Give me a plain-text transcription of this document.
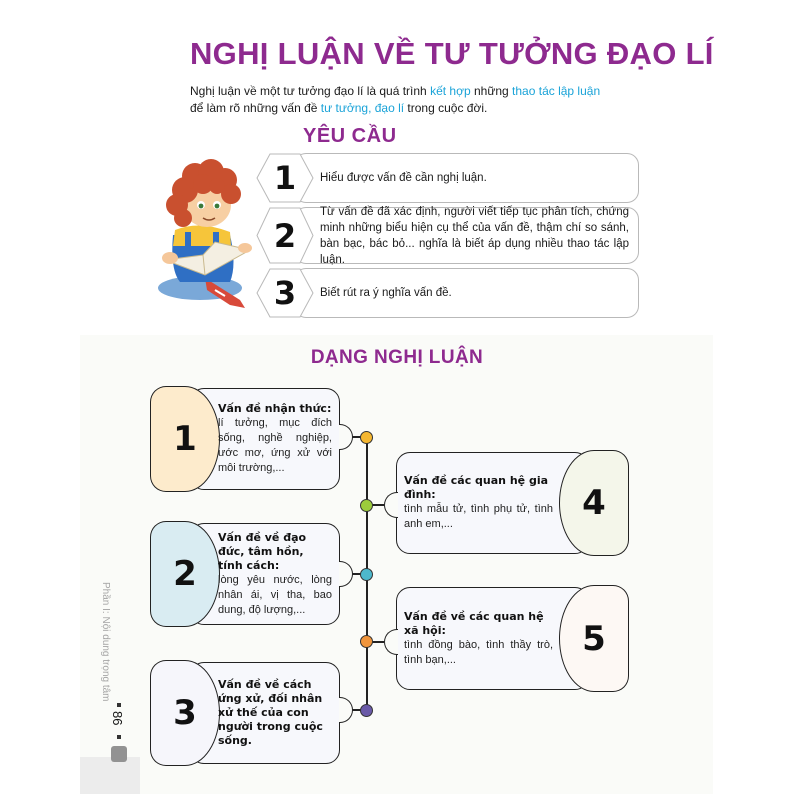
NGHỊ LUẬN VỀ TƯ TƯỞNG ĐẠO LÍ
Nghị luận về một tư tưởng đạo lí là quá trình kết hợp những thao tác lập luận
để làm rõ những vấn đề tư tưởng, đạo lí trong cuộc đời.
YÊU CẦU
1	Hiểu được vấn đề cần nghị luận.
2
Từ vấn đề đã xác định, người viết tiếp tục phân tích, chứng minh những biểu hiện cụ thể của vấn đề, thậm chí so sánh, bàn bạc, bác bỏ... nghĩa là biết áp dụng nhiều thao tác lập luận.
3	Biết rút ra ý nghĩa vấn đề.
DẠNG NGHỊ LUẬN
Phần I: Nội dung trọng tâm
86
1
Vấn đề nhận thức:
lí tưởng, mục đích sống, nghề nghiệp, ước mơ, ứng xử với môi trường,...
2
Vấn đề về đạo đức, tâm hồn, tính cách:
lòng yêu nước, lòng nhân ái, vị tha, bao dung, độ lượng,...
3
Vấn đề về cách ứng xử, đối nhân xử thế của con người trong cuộc sống.
4
Vấn đề các quan hệ gia đình:
tình mẫu tử, tình phụ tử, tình anh em,...
5
Vấn đề về các quan hệ xã hội:
tình đồng bào, tình thầy trò, tình bạn,...
